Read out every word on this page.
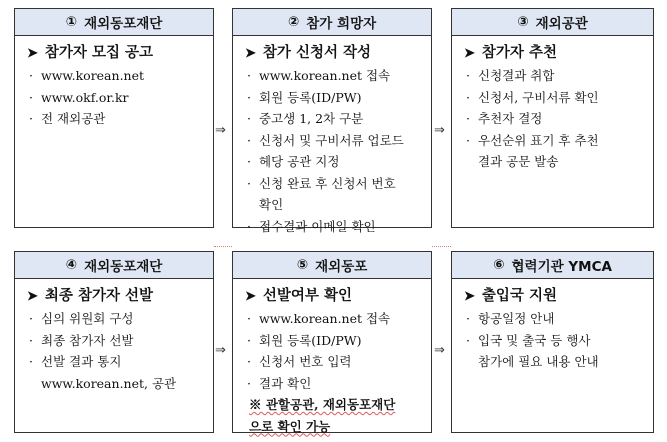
① 재외동포재단
➤ 참가자 모집 공고
· www.korean.net
· www.okf.or.kr
· 전 재외공관
⇒
② 참가 희망자
➤ 참가 신청서 작성
· www.korean.net 접속
· 회원 등록(ID/PW)
· 중고생 1, 2차 구분
· 신청서 및 구비서류 업로드
· 헤당 공관 지정
· 신청 완료 후 신청서 번호
확인
· 접수결과 이메일 확인
⇒
③ 재외공관
➤ 참가자 추천
· 신청결과 취합
· 신청서, 구비서류 확인
· 추천자 결정
· 우선순위 표기 후 추천
결과 공문 발송
④ 재외동포재단
➤ 최종 참가자 선발
· 심의 위원회 구성
· 최종 참가자 선발
· 선발 결과 통지
www.korean.net, 공관
⇒
⑤ 재외동포
➤ 선발여부 확인
· www.korean.net 접속
· 회원 등록(ID/PW)
· 신청서 번호 입력
· 결과 확인
※ 관할공관, 재외동포재단
으로 확인 가능
⇒
⑥ 협력기관 YMCA
➤ 출입국 지원
· 항공일정 안내
· 입국 및 출국 등 행사
참가에 필요 내용 안내
